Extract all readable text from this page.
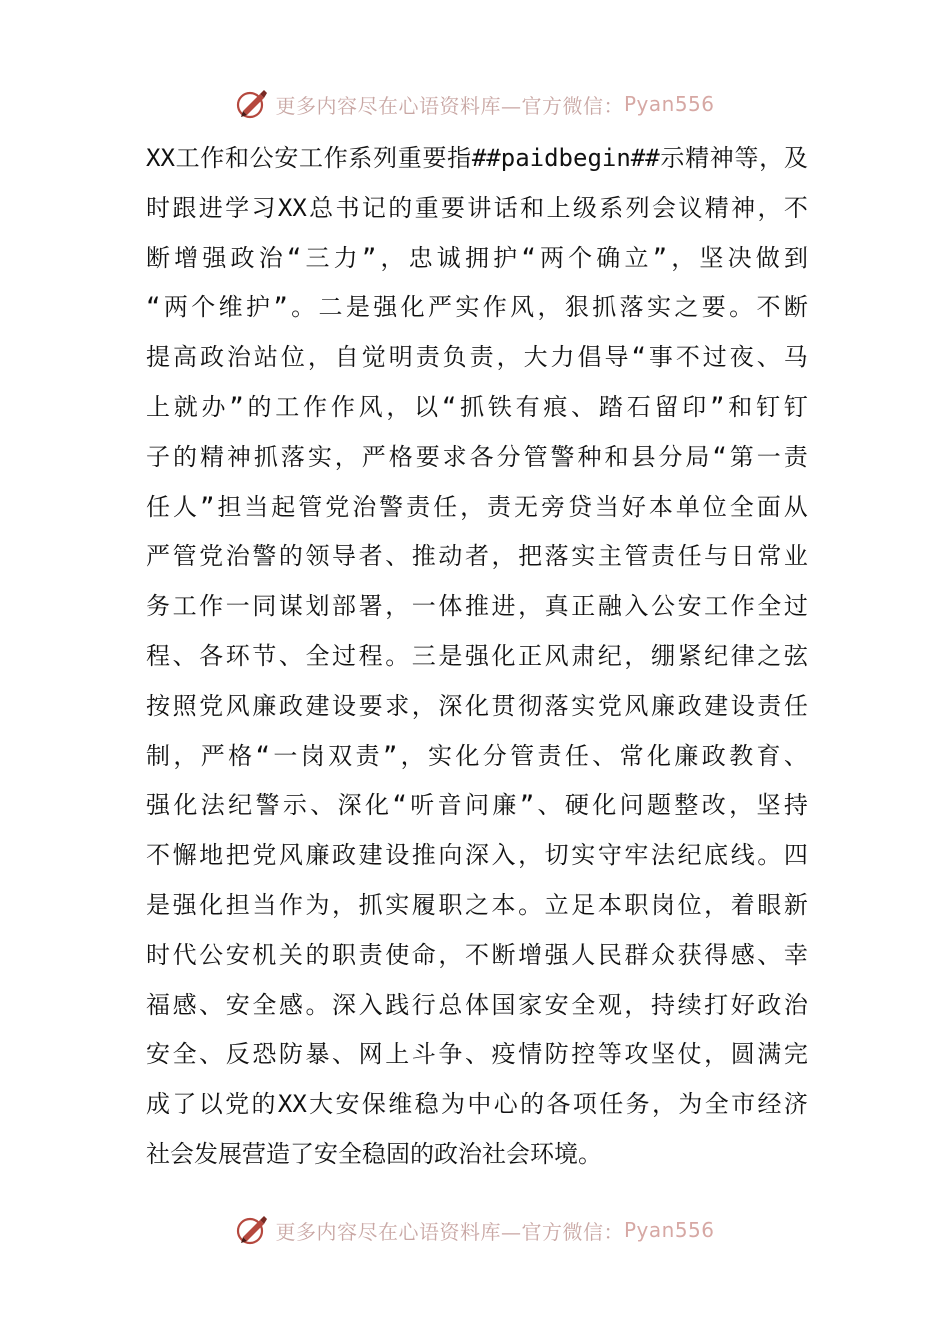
更多内容尽在心语资料库—官方微信： Pyan556
XX 工 作 和 公 安 工 作 系 列 重 要 指 ##paidbegin## 示 精 神 等 ， 及
时 跟 进 学 习 XX 总 书 记 的 重 要 讲 话 和 上 级 系 列 会 议 精 神 ， 不
断 增 强 政 治 “ 三 力 ” ， 忠 诚 拥 护 “ 两 个 确 立 ” ， 坚 决 做 到
“ 两 个 维 护 ” 。 二 是 强 化 严 实 作 风 ， 狠 抓 落 实 之 要 。 不 断
提 高 政 治 站 位 ， 自 觉 明 责 负 责 ， 大 力 倡 导 “ 事 不 过 夜 、 马
上 就 办 ” 的 工 作 作 风 ， 以 “ 抓 铁 有 痕 、 踏 石 留 印 ” 和 钉 钉
子 的 精 神 抓 落 实 ， 严 格 要 求 各 分 管 警 种 和 县 分 局 “ 第 一 责
任 人 ” 担 当 起 管 党 治 警 责 任 ， 责 无 旁 贷 当 好 本 单 位 全 面 从
严 管 党 治 警 的 领 导 者 、 推 动 者 ， 把 落 实 主 管 责 任 与 日 常 业
务 工 作 一 同 谋 划 部 署 ， 一 体 推 进 ， 真 正 融 入 公 安 工 作 全 过
程 、 各 环 节 、 全 过 程 。 三 是 强 化 正 风 肃 纪 ， 绷 紧 纪 律 之 弦
按 照 党 风 廉 政 建 设 要 求 ， 深 化 贯 彻 落 实 党 风 廉 政 建 设 责 任
制 ， 严 格 “ 一 岗 双 责 ” ， 实 化 分 管 责 任 、 常 化 廉 政 教 育 、
强 化 法 纪 警 示 、 深 化 “ 听 音 问 廉 ” 、 硬 化 问 题 整 改 ， 坚 持
不 懈 地 把 党 风 廉 政 建 设 推 向 深 入 ， 切 实 守 牢 法 纪 底 线 。 四
是 强 化 担 当 作 为 ， 抓 实 履 职 之 本 。 立 足 本 职 岗 位 ， 着 眼 新
时 代 公 安 机 关 的 职 责 使 命 ， 不 断 增 强 人 民 群 众 获 得 感 、 幸
福 感 、 安 全 感 。 深 入 践 行 总 体 国 家 安 全 观 ， 持 续 打 好 政 治
安 全 、 反 恐 防 暴 、 网 上 斗 争 、 疫 情 防 控 等 攻 坚 仗 ， 圆 满 完
成 了 以 党 的 XX 大 安 保 维 稳 为 中 心 的 各 项 任 务 ， 为 全 市 经 济
社 会 发 展 营 造 了 安 全 稳 固 的 政 治 社 会 环 境 。
更多内容尽在心语资料库—官方微信： Pyan556
